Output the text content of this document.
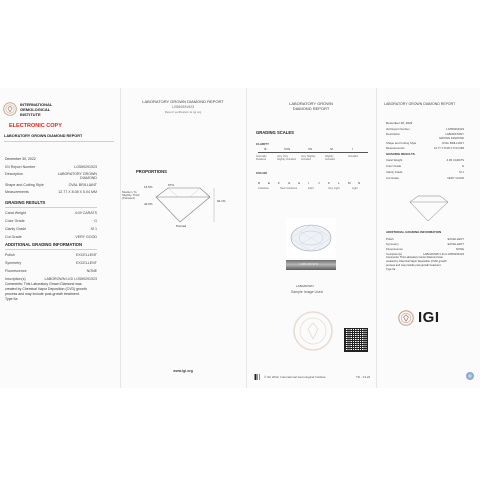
INTERNATIONAL
GEMOLOGICAL
INSTITUTE
ELECTRONIC COPY
LABORATORY GROWN DIAMOND REPORT
December 30, 2022
IGI Report Number	LG559291923
Description	LABORATORY GROWN DIAMOND
Shape and Cutting Style	OVAL BRILLIANT
Measurements	12.77 X 8.08 X 5.04 MM
GRADING RESULTS
Carat Weight	4.09 CARATS
Color Grade	G
Clarity Grade	SI 1
Cut Grade	VERY GOOD
ADDITIONAL GRADING INFORMATION
Polish	EXCELLENT
Symmetry	EXCELLENT
Fluorescence	NONE
Inscription(s)	LABGROWN LIGI LG559291923
Comments: This Laboratory Grown Diamond was
created by Chemical Vapor Deposition (CVD) growth
process and may include post-growth treatment.
Type IIa
LABORATORY GROWN DIAMOND REPORT
LG559291923
Report verification at igi.org
PROPORTIONS
67%
Medium To Slightly Thick (Faceted)
13.5%
62.1%
42.5%
Pointed
www.igi.org
LABORATORY GROWN
DIAMOND REPORT
GRADING SCALES
CLARITY
IF	VVS	VS	SI	I
Internally Flawless
Very Very Slightly Included
Very Slightly Included
Slightly Included
Included
COLOR
D	E	F	G	H	I	J	K	L	M	N
Colorless	Near Colorless	Faint	Very Light	Light
LABGROWN
LABGROWN
Sample Image Used
© IGI 2022, International Gemological Institute	TD - 13.22
LABORATORY GROWN DIAMOND REPORT
December 30, 2022
IGI Report Number	LG559291923
Description	LABORATORY GROWN DIAMOND
Shape and Cutting Style	OVAL BRILLIANT
Measurements	12.77 X 8.08 X 5.04 MM
GRADING RESULTS
Carat Weight	4.09 CARATS
Color Grade	G
Clarity Grade	SI 1
Cut Grade	VERY GOOD
ADDITIONAL GRADING INFORMATION
Polish	EXCELLENT
Symmetry	EXCELLENT
Fluorescence	NONE
Inscription(s)	LABGROWN LIGI LG559291923
Comments: This Laboratory Grown Diamond was
created by Chemical Vapor Deposition (CVD) growth
process and may include post-growth treatment.
Type IIa
IGI
